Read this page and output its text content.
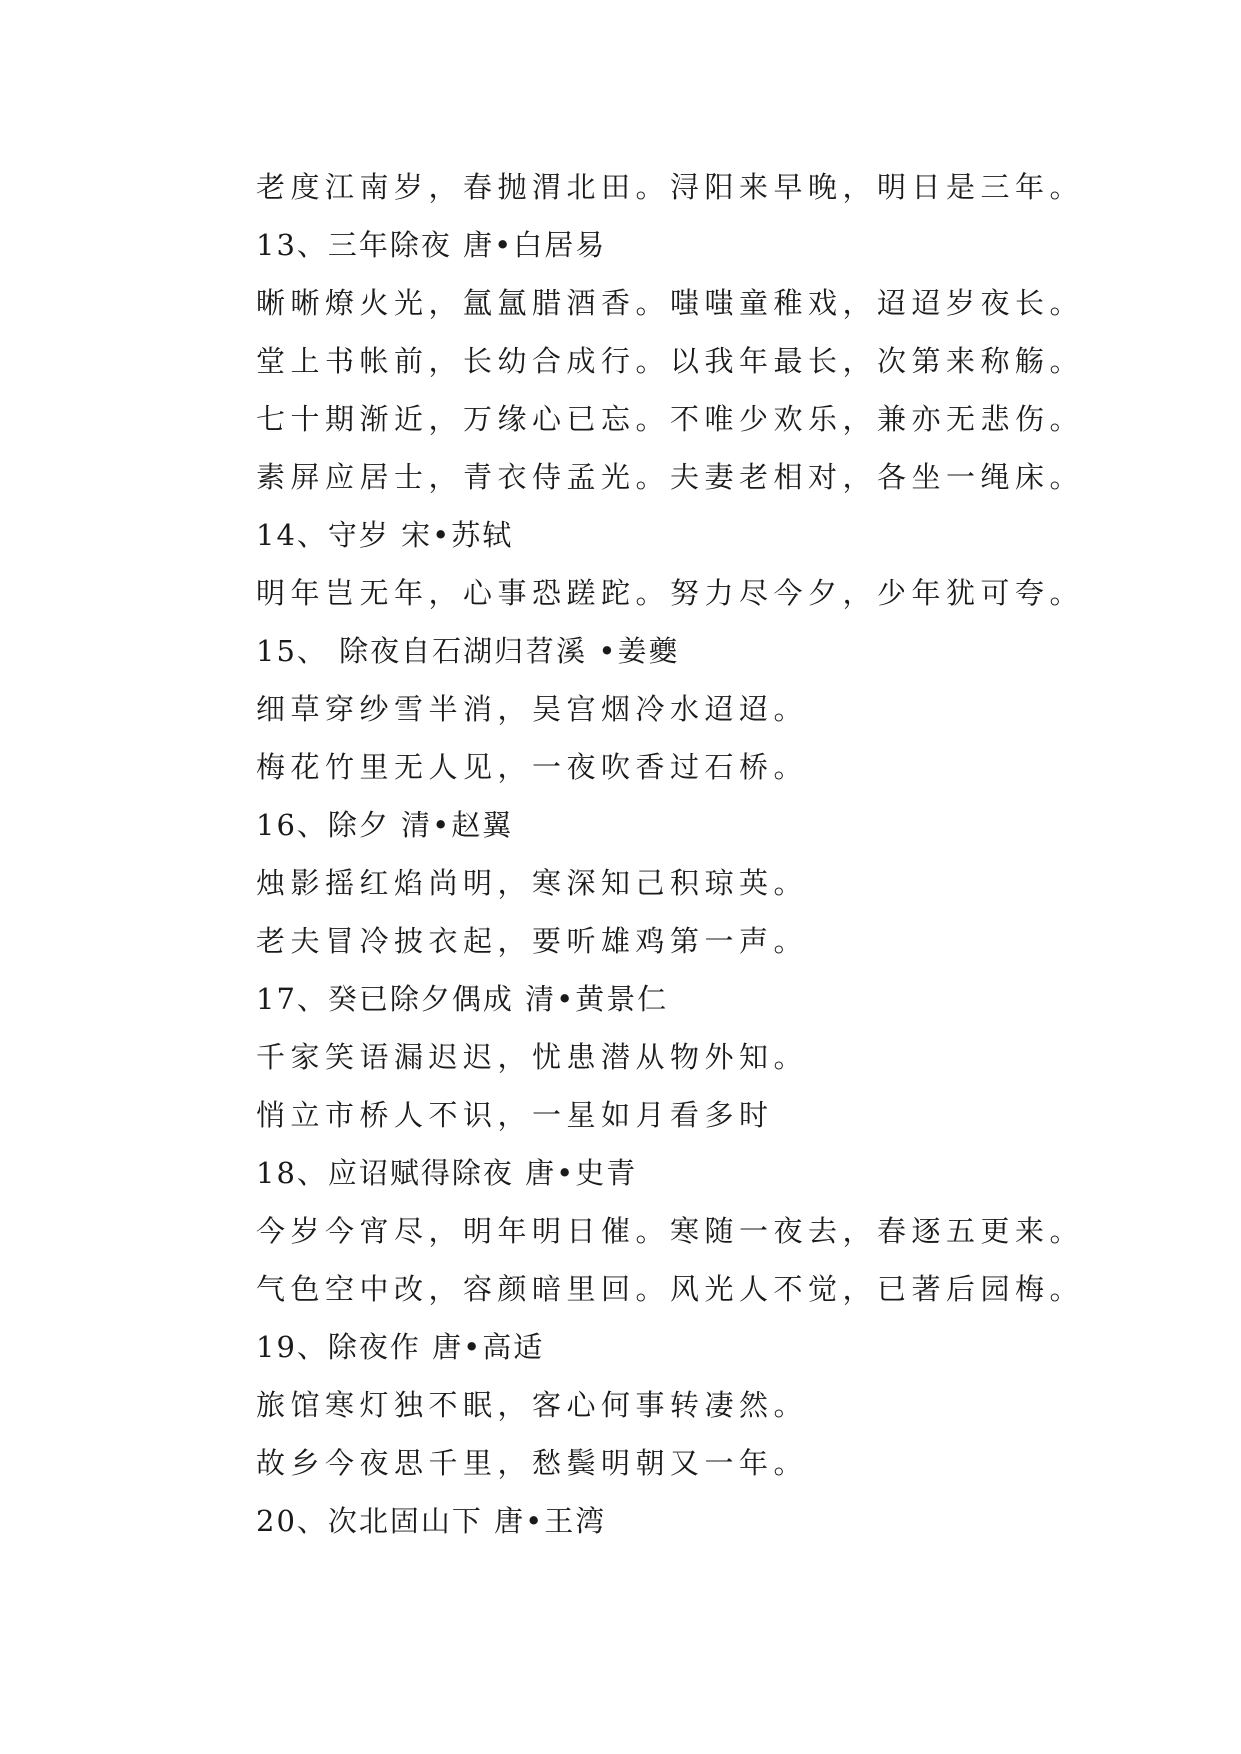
老度江南岁，春抛渭北田。浔阳来早晚，明日是三年。
13、三年除夜 唐•白居易
晰晰燎火光，氲氲腊酒香。嗤嗤童稚戏，迢迢岁夜长。
堂上书帐前，长幼合成行。以我年最长，次第来称觞。
七十期渐近，万缘心已忘。不唯少欢乐，兼亦无悲伤。
素屏应居士，青衣侍孟光。夫妻老相对，各坐一绳床。
14、守岁 宋•苏轼
明年岂无年，心事恐蹉跎。努力尽今夕，少年犹可夸。
15、 除夜自石湖归苕溪 •姜夔
细草穿纱雪半消，吴宫烟冷水迢迢。
梅花竹里无人见，一夜吹香过石桥。
16、除夕 清•赵翼
烛影摇红焰尚明，寒深知己积琼英。
老夫冒冷披衣起，要听雄鸡第一声。
17、癸已除夕偶成 清•黄景仁
千家笑语漏迟迟，忧患潜从物外知。
悄立市桥人不识，一星如月看多时
18、应诏赋得除夜 唐•史青
今岁今宵尽，明年明日催。寒随一夜去，春逐五更来。
气色空中改，容颜暗里回。风光人不觉，已著后园梅。
19、除夜作 唐•高适
旅馆寒灯独不眠，客心何事转凄然。
故乡今夜思千里，愁鬓明朝又一年。
20、次北固山下 唐•王湾
